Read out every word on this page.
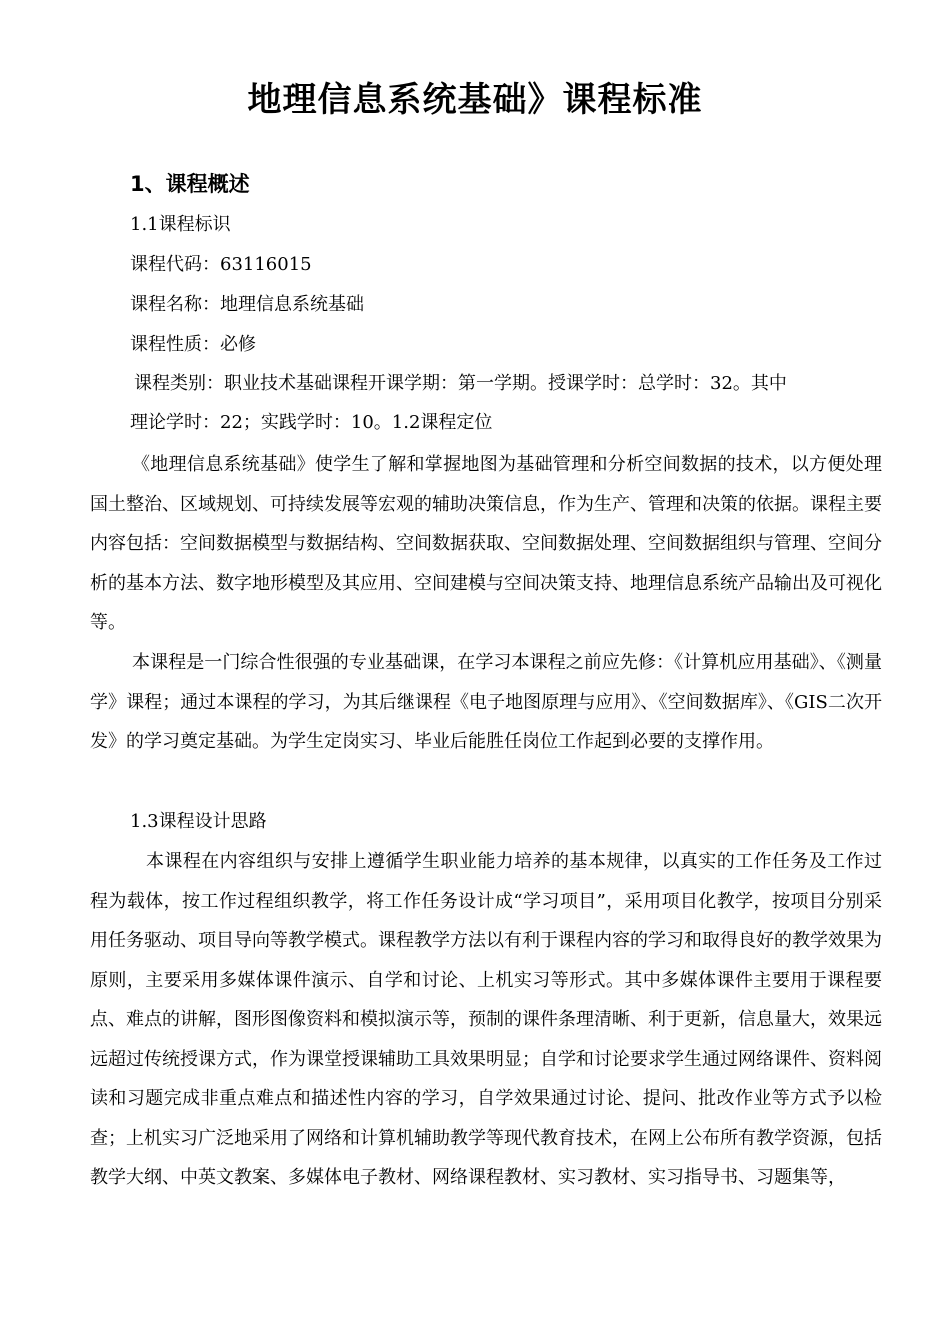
地理信息系统基础》课程标准
1、课程概述
1.1课程标识
课程代码：63116015
课程名称：地理信息系统基础
课程性质：必修
课程类别：职业技术基础课程开课学期：第一学期。授课学时：总学时：32。其中
理论学时：22；实践学时：10。1.2课程定位
《地理信息系统基础》使学生了解和掌握地图为基础管理和分析空间数据的技术，以方便处理国土整治、区域规划、可持续发展等宏观的辅助决策信息，作为生产、管理和决策的依据。课程主要内容包括：空间数据模型与数据结构、空间数据获取、空间数据处理、空间数据组织与管理、空间分析的基本方法、数字地形模型及其应用、空间建模与空间决策支持、地理信息系统产品输出及可视化等。
本课程是一门综合性很强的专业基础课，在学习本课程之前应先修：《计算机应用基础》、《测量学》课程；通过本课程的学习，为其后继课程《电子地图原理与应用》、《空间数据库》、《GIS二次开发》的学习奠定基础。为学生定岗实习、毕业后能胜任岗位工作起到必要的支撑作用。
1.3课程设计思路
本课程在内容组织与安排上遵循学生职业能力培养的基本规律，以真实的工作任务及工作过程为载体，按工作过程组织教学，将工作任务设计成“学习项目”，采用项目化教学，按项目分别采用任务驱动、项目导向等教学模式。课程教学方法以有利于课程内容的学习和取得良好的教学效果为原则，主要采用多媒体课件演示、自学和讨论、上机实习等形式。其中多媒体课件主要用于课程要点、难点的讲解，图形图像资料和模拟演示等，预制的课件条理清晰、利于更新，信息量大，效果远远超过传统授课方式，作为课堂授课辅助工具效果明显；自学和讨论要求学生通过网络课件、资料阅读和习题完成非重点难点和描述性内容的学习，自学效果通过讨论、提问、批改作业等方式予以检查；上机实习广泛地采用了网络和计算机辅助教学等现代教育技术，在网上公布所有教学资源，包括教学大纲、中英文教案、多媒体电子教材、网络课程教材、实习教材、实习指导书、习题集等，
